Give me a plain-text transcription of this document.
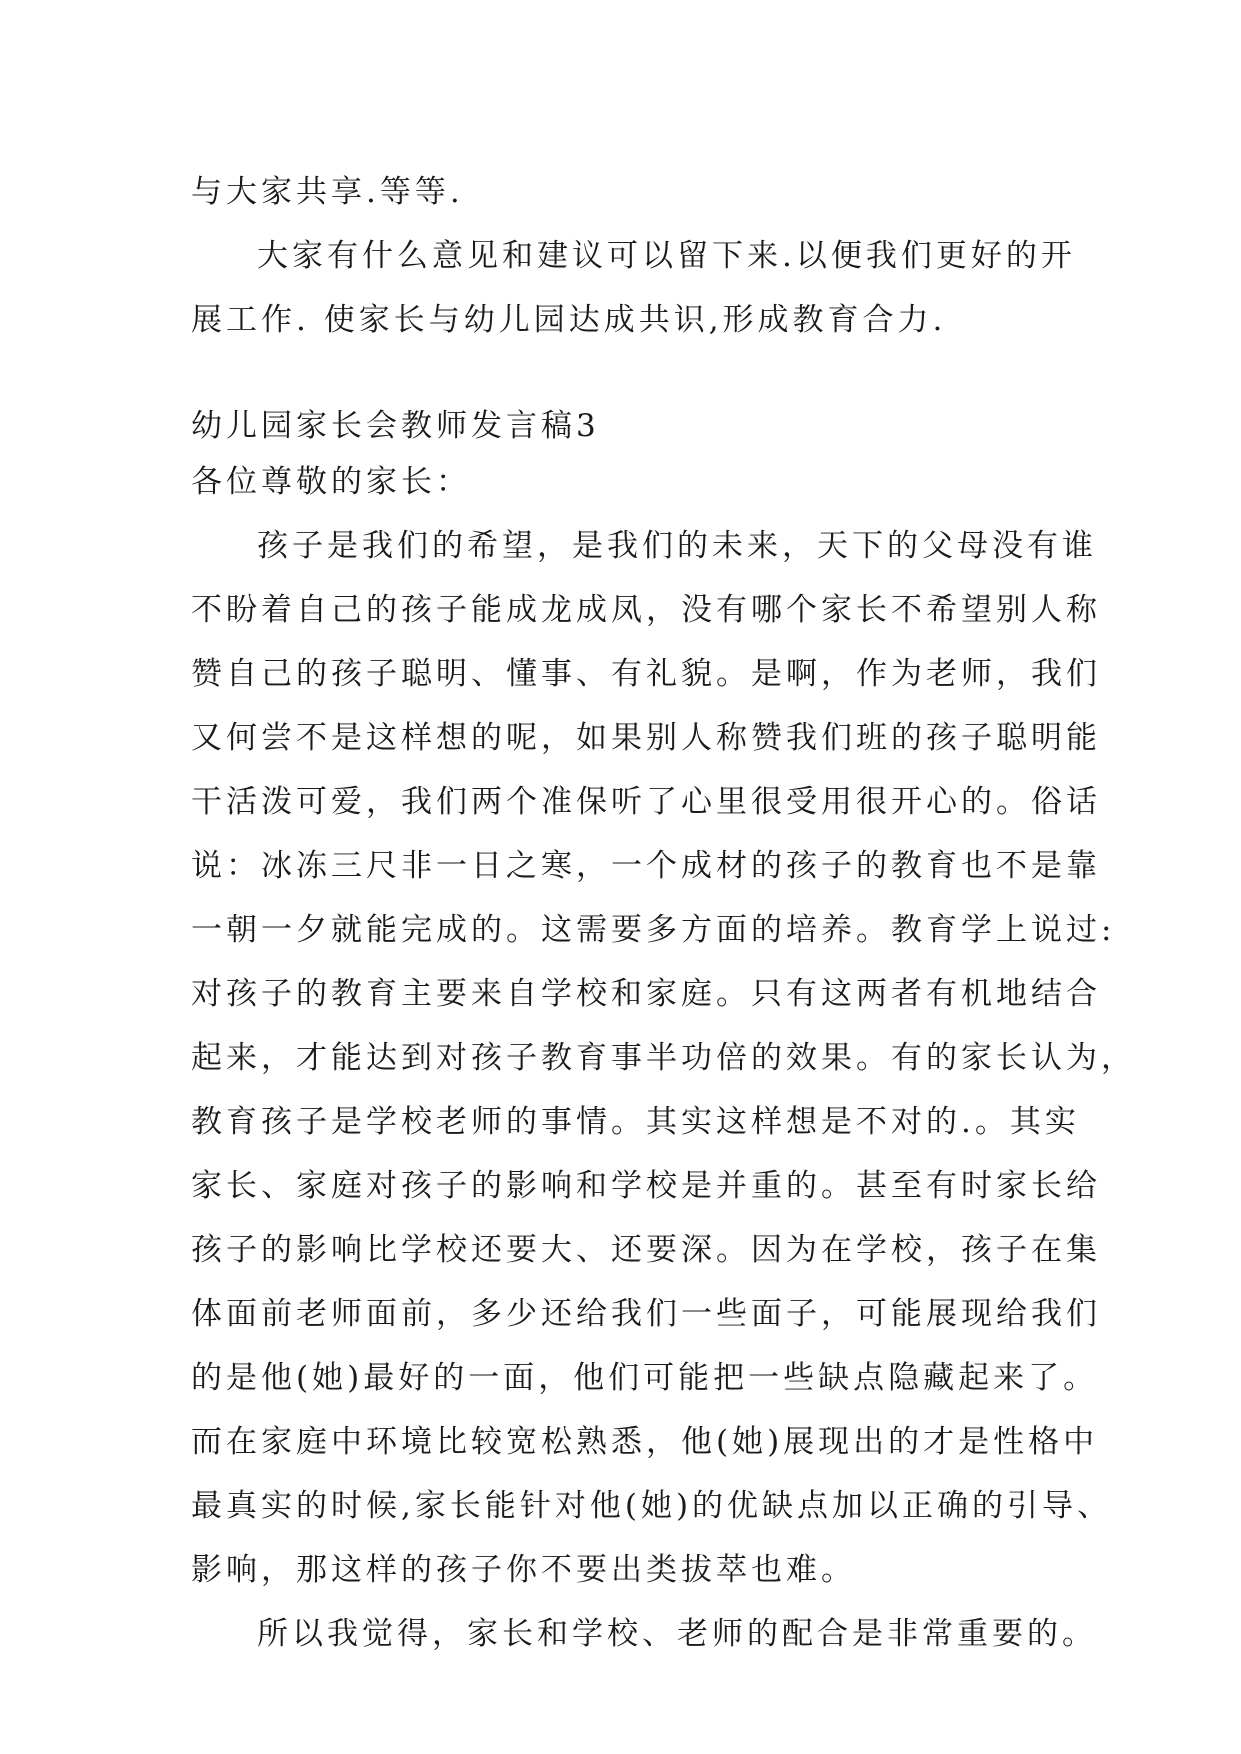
与大家共享.等等.
大家有什么意见和建议可以留下来.以便我们更好的开
展工作. 使家长与幼儿园达成共识,形成教育合力.
幼儿园家长会教师发言稿3
各位尊敬的家长：
孩子是我们的希望，是我们的未来，天下的父母没有谁
不盼着自己的孩子能成龙成凤，没有哪个家长不希望别人称
赞自己的孩子聪明、懂事、有礼貌。是啊，作为老师，我们
又何尝不是这样想的呢，如果别人称赞我们班的孩子聪明能
干活泼可爱，我们两个准保听了心里很受用很开心的。俗话
说：冰冻三尺非一日之寒，一个成材的孩子的教育也不是靠
一朝一夕就能完成的。这需要多方面的培养。教育学上说过:
对孩子的教育主要来自学校和家庭。只有这两者有机地结合
起来，才能达到对孩子教育事半功倍的效果。有的家长认为，
教育孩子是学校老师的事情。其实这样想是不对的.。其实
家长、家庭对孩子的影响和学校是并重的。甚至有时家长给
孩子的影响比学校还要大、还要深。因为在学校，孩子在集
体面前老师面前，多少还给我们一些面子，可能展现给我们
的是他(她)最好的一面，他们可能把一些缺点隐藏起来了。
而在家庭中环境比较宽松熟悉，他(她)展现出的才是性格中
最真实的时候,家长能针对他(她)的优缺点加以正确的引导、
影响，那这样的孩子你不要出类拔萃也难。
所以我觉得，家长和学校、老师的配合是非常重要的。
